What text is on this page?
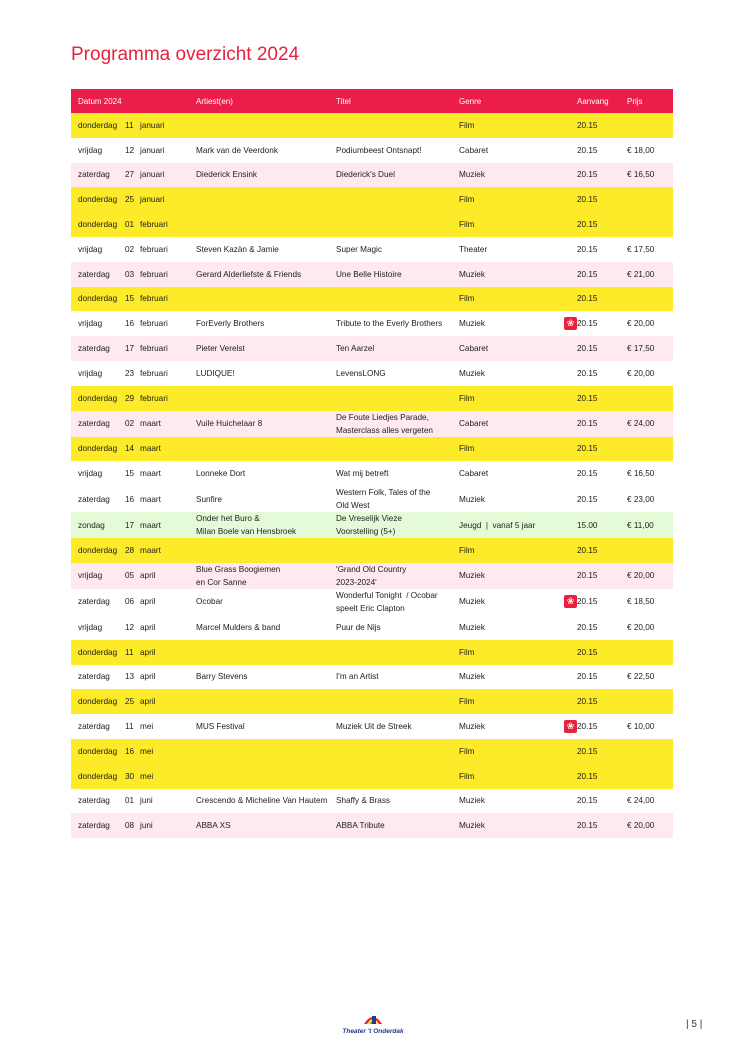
Programma overzicht 2024
Datum 2024	Artiest(en)	Titel	Genre		Aanvang	Prijs
donderdag 11 januari			Film		20.15	
vrijdag 12 januari	Mark van de Veerdonk	Podiumbeest Ontsnapt!	Cabaret		20.15	€ 18,00
zaterdag 27 januari	Diederick Ensink	Diederick's Duel	Muziek		20.15	€ 16,50
donderdag 25 januari			Film		20.15	
donderdag 01 februari			Film		20.15	
vrijdag 02 februari	Steven Kazàn & Jamie	Super Magic	Theater		20.15	€ 17,50
zaterdag 03 februari	Gerard Alderliefste & Friends	Une Belle Histoire	Muziek		20.15	€ 21,00
donderdag 15 februari			Film		20.15	
vrijdag 16 februari	ForEverly Brothers	Tribute to the Everly Brothers	Muziek	❀	20.15	€ 20,00
zaterdag 17 februari	Pieter Verelst	Ten Aarzel	Cabaret		20.15	€ 17,50
vrijdag 23 februari	LUDIQUE!	LevensLONG	Muziek		20.15	€ 20,00
donderdag 29 februari			Film		20.15	
zaterdag 02 maart	Vuile Huichelaar 8	De Foute Liedjes Parade,
Masterclass alles vergeten	Cabaret		20.15	€ 24,00
donderdag 14 maart			Film		20.15	
vrijdag 15 maart	Lonneke Dort	Wat mij betreft	Cabaret		20.15	€ 16,50
zaterdag 16 maart	Sunfire	Western Folk, Tales of the
Old West	Muziek		20.15	€ 23,00
zondag 17 maart	Onder het Buro &
Milan Boele van Hensbroek	De Vreselijk Vieze
Voorstelling (5+)	Jeugd  |  vanaf 5 jaar		15.00	€ 11,00
donderdag 28 maart			Film		20.15	
vrijdag 05 april	Blue Grass Boogiemen
en Cor Sanne	'Grand Old Country
2023-2024'	Muziek		20.15	€ 20,00
zaterdag 06 april	Ocobar	Wonderful Tonight  / Ocobar
speelt Eric Clapton	Muziek	❀	20.15	€ 18,50
vrijdag 12 april	Marcel Mulders & band	Puur de Nijs	Muziek		20.15	€ 20,00
donderdag 11 april			Film		20.15	
zaterdag 13 april	Barry Stevens	I'm an Artist	Muziek		20.15	€ 22,50
donderdag 25 april			Film		20.15	
zaterdag 11 mei	MUS Festival	Muziek Uit de Streek	Muziek	❀	20.15	€ 10,00
donderdag 16 mei			Film		20.15	
donderdag 30 mei			Film		20.15	
zaterdag 01 juni	Crescendo & Micheline Van Hautem	Shaffy & Brass	Muziek		20.15	€ 24,00
zaterdag 08 juni	ABBA XS	ABBA Tribute	Muziek		20.15	€ 20,00
Theater 't Onderdak
| 5 |
